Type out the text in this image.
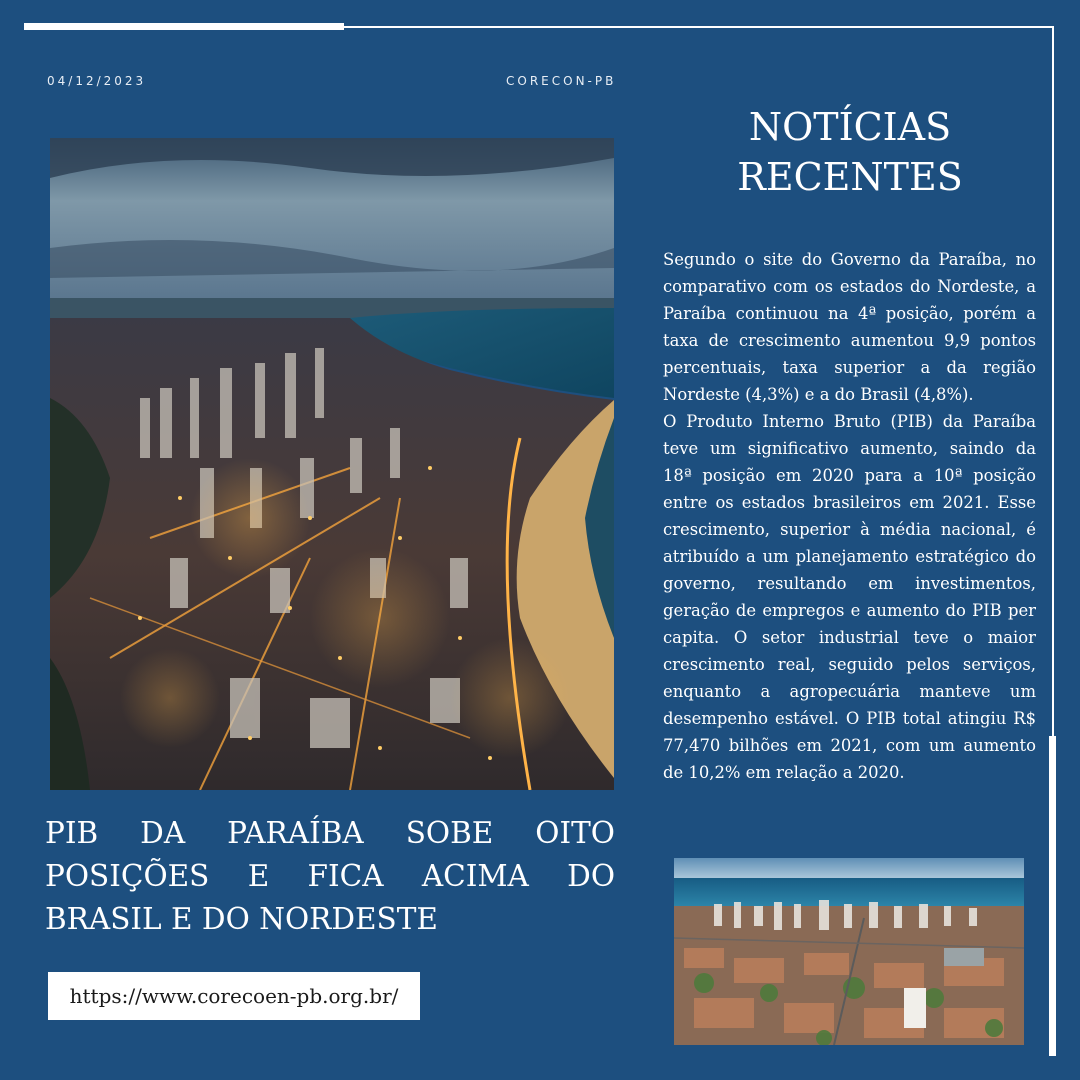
04/12/2023	CORECON-PB
NOTÍCIAS
RECENTES

Segundo o site do Governo da Paraíba, no comparativo com os estados do Nordeste, a Paraíba continuou na 4ª posição, porém a taxa de crescimento aumentou 9,9 pontos percentuais, taxa superior a da região Nordeste (4,3%) e a do Brasil (4,8%).

O Produto Interno Bruto (PIB) da Paraíba teve um significativo aumento, saindo da 18ª posição em 2020 para a 10ª posição entre os estados brasileiros em 2021. Esse crescimento, superior à média nacional, é atribuído a um planejamento estratégico do governo, resultando em investimentos, geração de empregos e aumento do PIB per capita. O setor industrial teve o maior crescimento real, seguido pelos serviços, enquanto a agropecuária manteve um desempenho estável. O PIB total atingiu R$ 77,470 bilhões em 2021, com um aumento de 10,2% em relação a 2020.

PIB DA PARAÍBA SOBE OITO
POSIÇÕES E FICA ACIMA DO
BRASIL E DO NORDESTE
https://www.corecoen-pb.org.br/
